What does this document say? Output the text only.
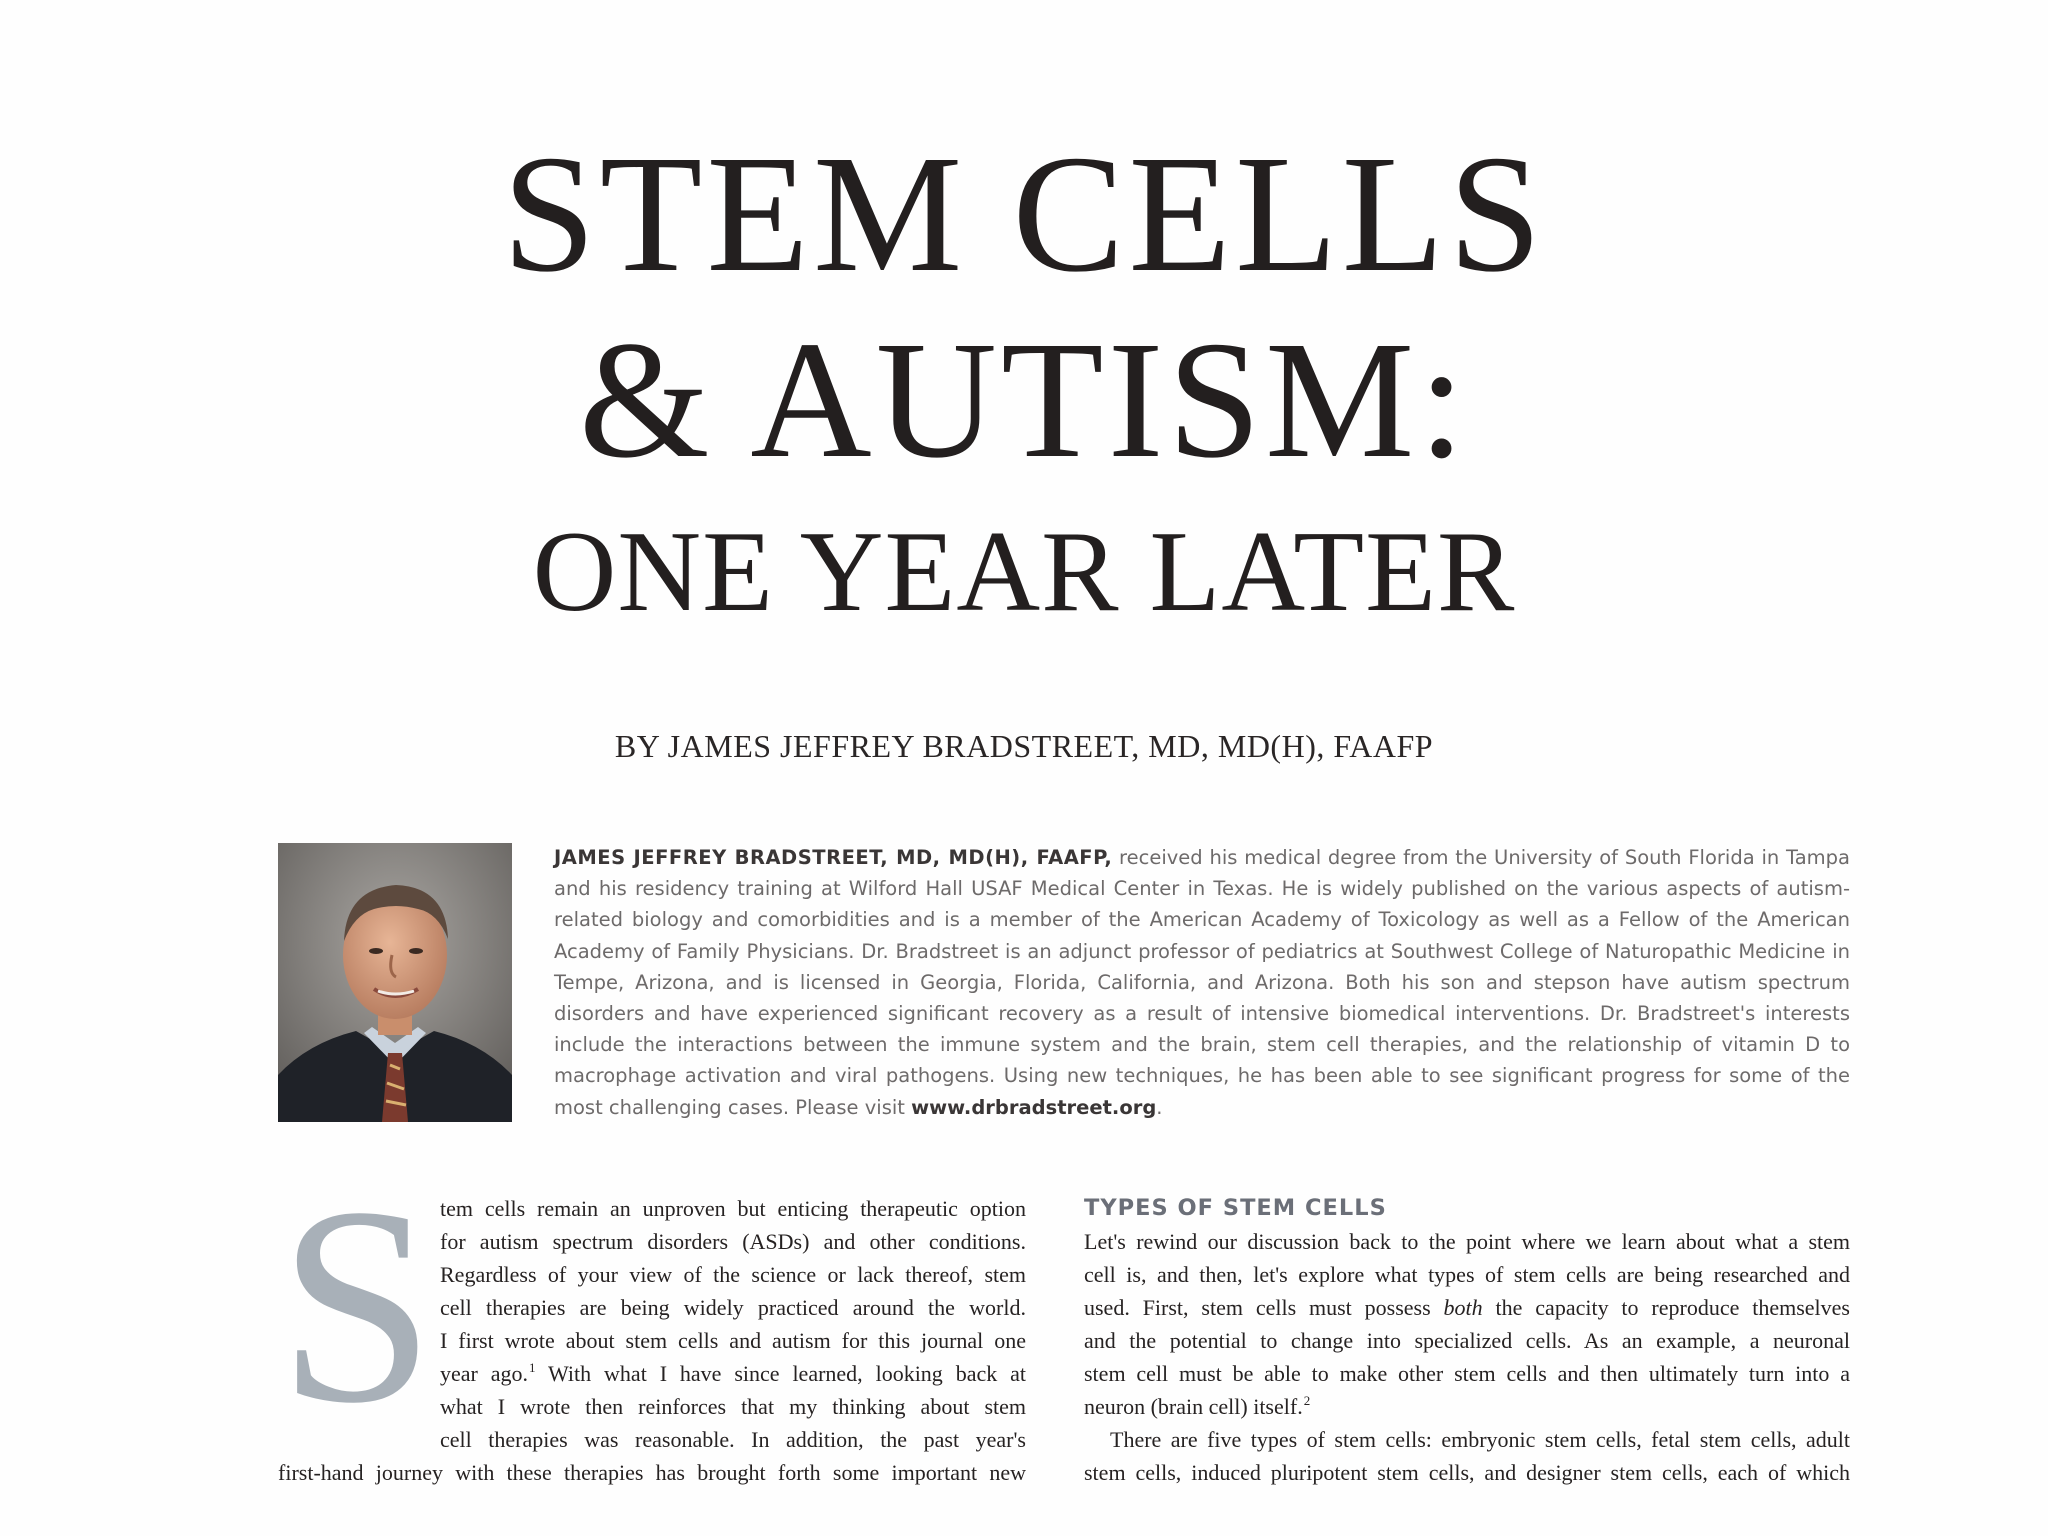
STEM CELLS
& AUTISM:
ONE YEAR LATER
BY JAMES JEFFREY BRADSTREET, MD, MD(H), FAAFP
JAMES JEFFREY BRADSTREET, MD, MD(H), FAAFP, received his medical degree from the University of South Florida in Tampa and his residency training at Wilford Hall USAF Medical Center in Texas. He is widely published on the various aspects of autism-related biology and comorbidities and is a member of the American Academy of Toxicology as well as a Fellow of the American Academy of Family Physicians. Dr. Bradstreet is an adjunct professor of pediatrics at Southwest College of Naturopathic Medicine in Tempe, Arizona, and is licensed in Georgia, Florida, California, and Arizona. Both his son and stepson have autism spectrum disorders and have experienced significant recovery as a result of intensive biomedical interventions. Dr. Bradstreet's interests include the interactions between the immune system and the brain, stem cell therapies, and the relationship of vitamin D to macrophage activation and viral pathogens. Using new techniques, he has been able to see significant progress for some of the most challenging cases. Please visit www.drbradstreet.org.
S tem cells remain an unproven but enticing therapeutic option
for autism spectrum disorders (ASDs) and other conditions.
Regardless of your view of the science or lack thereof, stem
cell therapies are being widely practiced around the world.
I first wrote about stem cells and autism for this journal one
year ago.$^1$ With what I have since learned, looking back at
what I wrote then reinforces that my thinking about stem
cell therapies was reasonable. In addition, the past year's
first-hand journey with these therapies has brought forth some important new
TYPES OF STEM CELLS
Let's rewind our discussion back to the point where we learn about what a stem
cell is, and then, let's explore what types of stem cells are being researched and
used. First, stem cells must possess both the capacity to reproduce themselves
and the potential to change into specialized cells. As an example, a neuronal
stem cell must be able to make other stem cells and then ultimately turn into a
neuron (brain cell) itself.$^2$
There are five types of stem cells: embryonic stem cells, fetal stem cells, adult
stem cells, induced pluripotent stem cells, and designer stem cells, each of which
